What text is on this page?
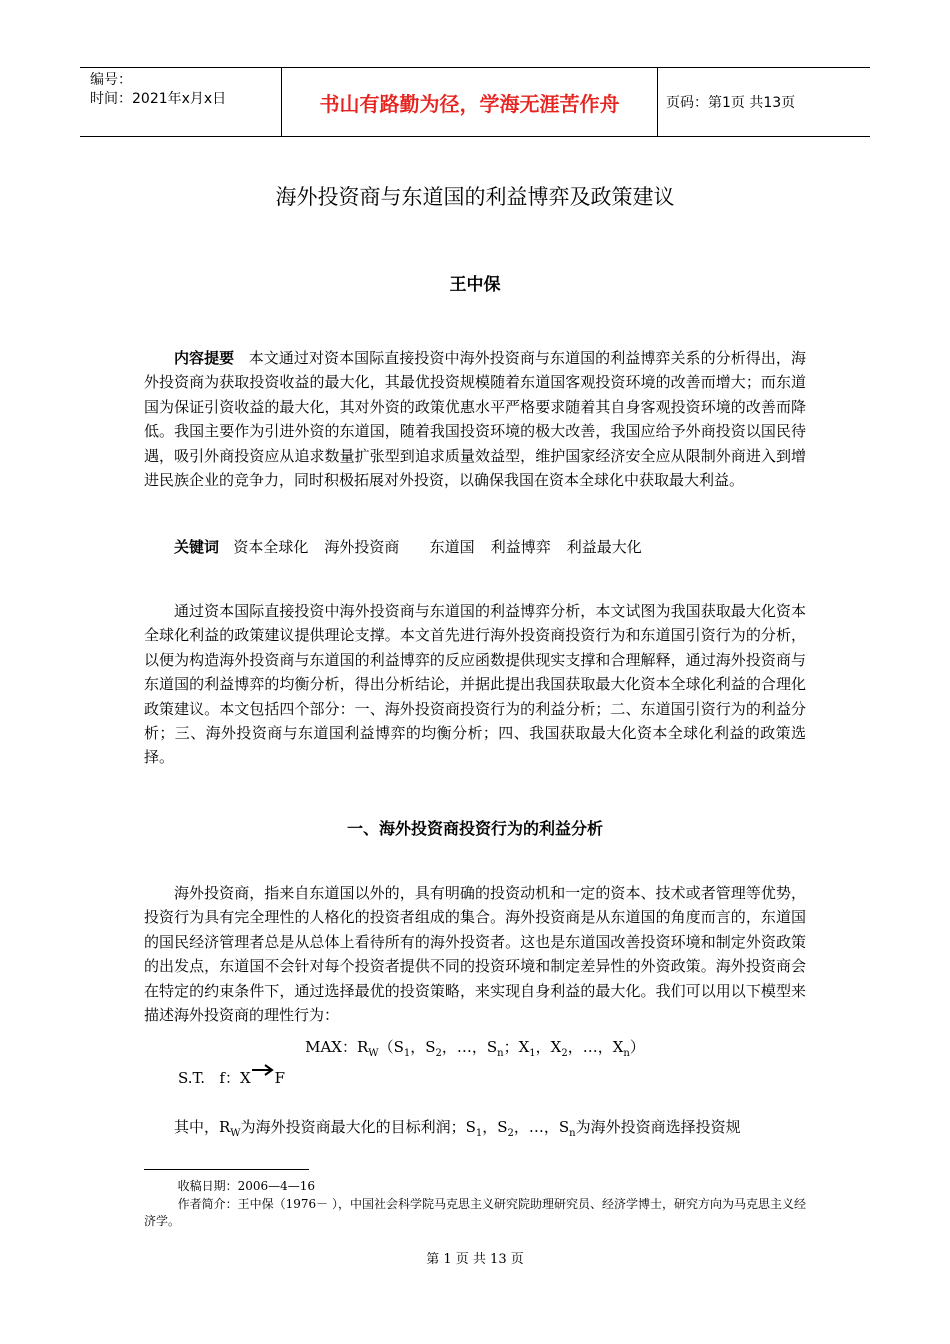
编号：
时间：2021年x月x日	书山有路勤为径，学海无涯苦作舟	页码：第1页 共13页
海外投资商与东道国的利益博弈及政策建议
王中保

内容提要 本文通过对资本国际直接投资中海外投资商与东道国的利益博弈关系的分析得出，海外投资商为获取投资收益的最大化，其最优投资规模随着东道国客观投资环境的改善而增大；而东道国为保证引资收益的最大化，其对外资的政策优惠水平严格要求随着其自身客观投资环境的改善而降低。我国主要作为引进外资的东道国，随着我国投资环境的极大改善，我国应给予外商投资以国民待遇，吸引外商投资应从追求数量扩张型到追求质量效益型，维护国家经济安全应从限制外商进入到增进民族企业的竞争力，同时积极拓展对外投资，以确保我国在资本全球化中获取最大利益。

关键词 资本全球化 海外投资商 东道国 利益博弈 利益最大化

通过资本国际直接投资中海外投资商与东道国的利益博弈分析，本文试图为我国获取最大化资本全球化利益的政策建议提供理论支撑。本文首先进行海外投资商投资行为和东道国引资行为的分析，以便为构造海外投资商与东道国的利益博弈的反应函数提供现实支撑和合理解释，通过海外投资商与东道国的利益博弈的均衡分析，得出分析结论，并据此提出我国获取最大化资本全球化利益的合理化政策建议。本文包括四个部分：一、海外投资商投资行为的利益分析；二、东道国引资行为的利益分析；三、海外投资商与东道国利益博弈的均衡分析；四、我国获取最大化资本全球化利益的政策选择。

一、海外投资商投资行为的利益分析

海外投资商，指来自东道国以外的，具有明确的投资动机和一定的资本、技术或者管理等优势，投资行为具有完全理性的人格化的投资者组成的集合。海外投资商是从东道国的角度而言的，东道国的国民经济管理者总是从总体上看待所有的海外投资者。这也是东道国改善投资环境和制定外资政策的出发点，东道国不会针对每个投资者提供不同的投资环境和制定差异性的外资政策。海外投资商会在特定的约束条件下，通过选择最优的投资策略，来实现自身利益的最大化。我们可以用以下模型来描述海外投资商的理性行为：

MAX：$R_W(S_1$，$S_2$，…，$S_n$；$X_1$，$X_2$，…，$X_n$）
S.T. f：X F

其中，$R_W$为海外投资商最大化的目标利润；$S_1$，$S_2$，…，$S_n$为海外投资商选择投资规

收稿日期：2006—4—16

作者简介：王中保（1976－ ），中国社会科学院马克思主义研究院助理研究员、经济学博士，研究方向为马克思主义经济学。

第 1 页 共 13 页
